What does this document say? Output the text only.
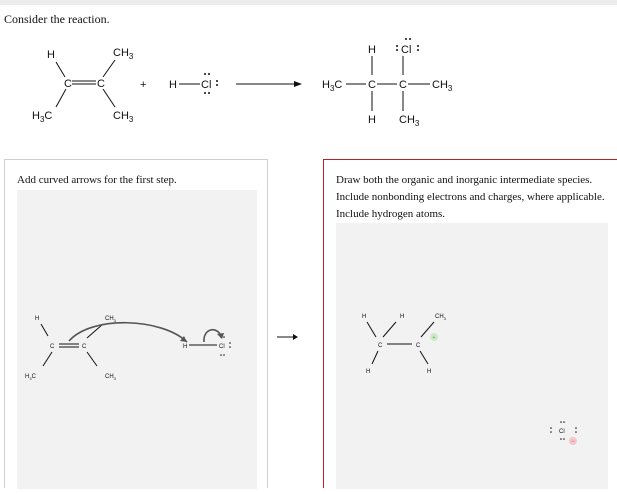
Consider the reaction.
H	$CH_3$
C C
$H_3C$	$CH_3$
+ H Cl	$H_3C$ C C $CH_3$
H
H
Cl
$CH_3$
Add curved arrows for the first step.
H
C	C
$CH_3$
$H_3C$	$CH_3$
H	Cl
Draw both the organic and inorganic intermediate species. Include nonbonding electrons and charges, where applicable. Include hydrogen atoms.
H	H	$CH_3$
C	C
+
H	H
Cl
−
